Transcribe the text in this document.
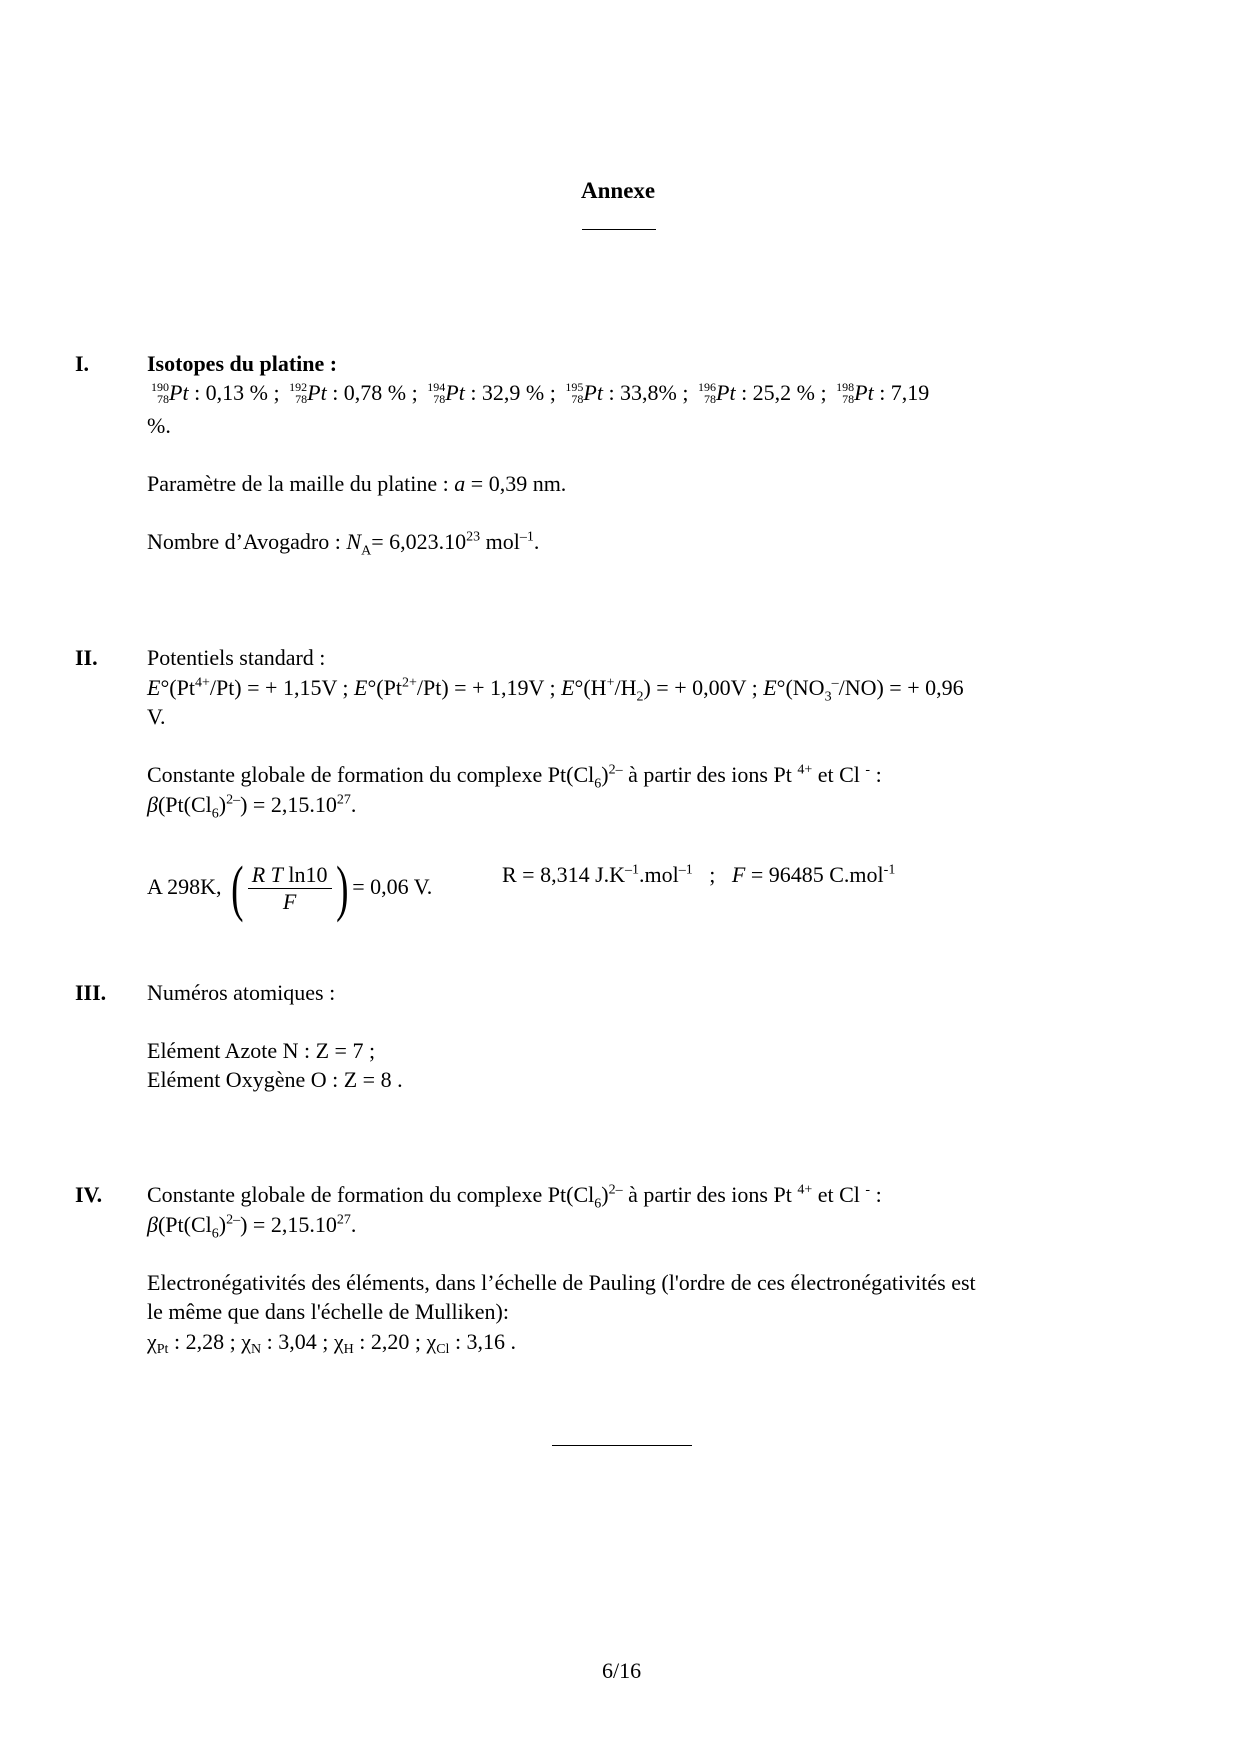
Annexe
I.	Isotopes du platine :
190
78 Pt : 0,13 % ; 192
78 Pt : 0,78 % ; 194
78 Pt : 32,9 % ; 195
78 Pt : 33,8% ; 196
78 Pt : 25,2 % ; 198
78 Pt : 7,19
%.
Paramètre de la maille du platine : a = 0,39 nm.
Nombre d’Avogadro : $N_A= 6,023.10^{23}$ mol$^{-1}$.
II. Potentiels standard :
$E^\circ(Pt^{4+}/Pt)$ = + 1,15V ; $E^\circ(Pt^{2+}/Pt)$ = + 1,19V ; $E^\circ(H^+/H_2)$ = + 0,00V ; $E^\circ(NO_3^-/NO)$ = + 0,96
V.
Constante globale de formation du complexe $Pt(Cl_6)^{2-}$ à partir des ions Pt $^{4+}$ et Cl - :
$\beta(Pt(Cl_6)^{2-}) = 2,15.10^{27}$.
A 298K, ( $\frac{\text{R T ln10}}{F}$ ) = 0,06 V.	R = 8,314 $J.K^{-1}.mol^{-1}$ ; F = 96485 C.mol$^{-1}$
III. Numéros atomiques :
Elément Azote N : Z = 7 ;
Elément Oxygène O : Z = 8 .
IV. Constante globale de formation du complexe $Pt(Cl_6)^{2-}$ à partir des ions Pt $^{4+}$ et Cl - :
$\beta(Pt(Cl_6)^{2-}) = 2,15.10^{27}$.
Electronégativités des éléments, dans l’échelle de Pauling (l'ordre de ces électronégativités est
le même que dans l'échelle de Mulliken):
χPt : 2,28 ; χN : 3,04 ; χH : 2,20 ; χCl : 3,16 .
6/16
